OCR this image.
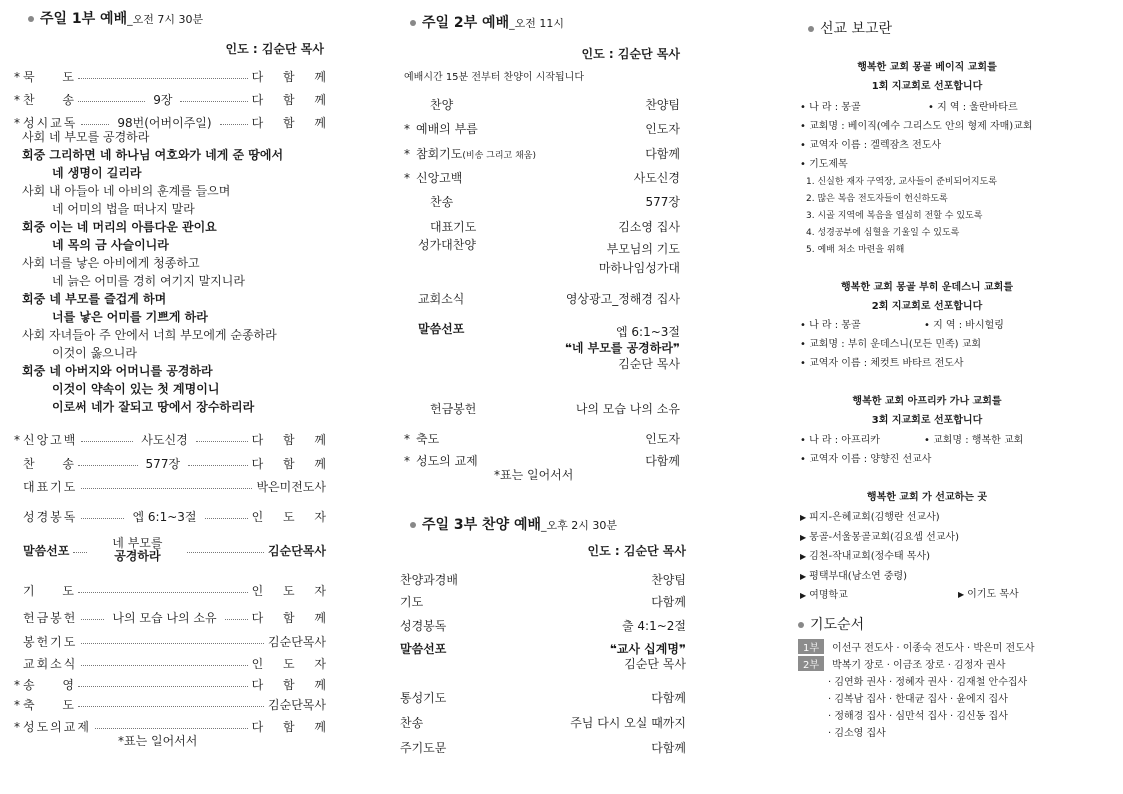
주일 1부 예배_오전 7시 30분
인도 : 김순단 목사
* 묵 도	다 함 께
* 찬 송	9장	다 함 께
* 성시교독	98번(어버이주일)	다 함 께
사회 네 부모를 공경하라
회중 그리하면 네 하나님 여호와가 네게 준 땅에서
네 생명이 길리라
사회 내 아들아 네 아비의 훈계를 들으며
네 어미의 법을 떠나지 말라
회중 이는 네 머리의 아름다운 관이요
네 목의 금 사슬이니라
사회 너를 낳은 아비에게 청종하고
네 늙은 어미를 경히 여기지 말지니라
회중 네 부모를 즐겁게 하며
너를 낳은 어미를 기쁘게 하라
사회 자녀들아 주 안에서 너희 부모에게 순종하라
이것이 옳으니라
회중 네 아버지와 어머니를 공경하라
이것이 약속이 있는 첫 계명이니
이로써 네가 잘되고 땅에서 장수하리라
* 신앙고백	사도신경	다 함 께
찬 송	577장	다 함 께
대표기도	박은미전도사
성경봉독	엡 6:1~3절	인 도 자
말씀선포
네 부모를
공경하라	김순단목사
기 도	인 도 자
헌금봉헌	나의 모습 나의 소유	다 함 께
봉헌기도	김순단목사
교회소식	인 도 자
* 송 영	다 함 께
* 축 도	김순단목사
* 성도의교제	다 함 께
*표는 일어서서
주일 2부 예배_오전 11시
인도 : 김순단 목사
예배시간 15분 전부터 찬양이 시작됩니다
찬양	찬양팀
* 예배의 부름	인도자
* 참회기도(비송 그리고 채움)	다함께
* 신앙고백	사도신경
찬송	577장
대표기도	김소영 집사
성가대찬양	부모님의 기도
마하나임성가대
교회소식	영상광고_정해경 집사
말씀선포	엡 6:1~3절
❝네 부모를 공경하라❞
김순단 목사
헌금봉헌	나의 모습 나의 소유
* 축도	인도자
* 성도의 교제	다함께
*표는 일어서서
주일 3부 찬양 예배_오후 2시 30분
인도 : 김순단 목사
찬양과경배	찬양팀
기도	다함께
성경봉독	출 4:1~2절
말씀선포	❝교사 십계명❞
김순단 목사
통성기도	다함께
찬송	주님 다시 오실 때까지
주기도문	다함께
선교 보고란
행복한 교회 몽골 베이직 교회를
1회 지교회로 선포합니다
• 나 라 : 몽골	• 지 역 : 울란바타르
• 교회명 : 베이직(예수 그리스도 안의 형제 자매)교회
• 교역자 이름 : 겔렉잠츠 전도사
• 기도제목
1. 신실한 재자 구역장, 교사들이 준비되어지도록
2. 많은 복음 전도자들이 헌신하도록
3. 시골 지역에 복음을 열심히 전할 수 있도록
4. 성경공부에 심혈을 기울일 수 있도록
5. 예배 처소 마련을 위해
행복한 교회 몽골 부히 운데스니 교회를
2회 지교회로 선포합니다
• 나 라 : 몽골	• 지 역 : 바시헐링
• 교회명 : 부히 운데스니(모든 민족) 교회
• 교역자 이름 : 체컷트 바타르 전도사
행복한 교회 아프리카 가나 교회를
3회 지교회로 선포합니다
• 나 라 : 아프리카	• 교회명 : 행복한 교회
• 교역자 이름 : 양향진 선교사
행복한 교회 가 선교하는 곳
▶ 피지-은혜교회(김행란 선교사)
▶ 몽골-서울몽골교회(김요셉 선교사)
▶ 김천-작내교회(정수태 목사)
▶ 평택부대(남소연 중령)
▶ 여명학교	▶ 이기도 목사
기도순서
1부 이선구 전도사 · 이종숙 전도사 · 박은미 전도사
2부 박복기 장로 · 이금조 장로 · 김정자 권사
· 김연화 권사 · 정혜자 권사 · 김재철 안수집사
· 김복남 집사 · 한대균 집사 · 윤에지 집사
· 정해경 집사 · 심만석 집사 · 김신동 집사
· 김소영 집사
